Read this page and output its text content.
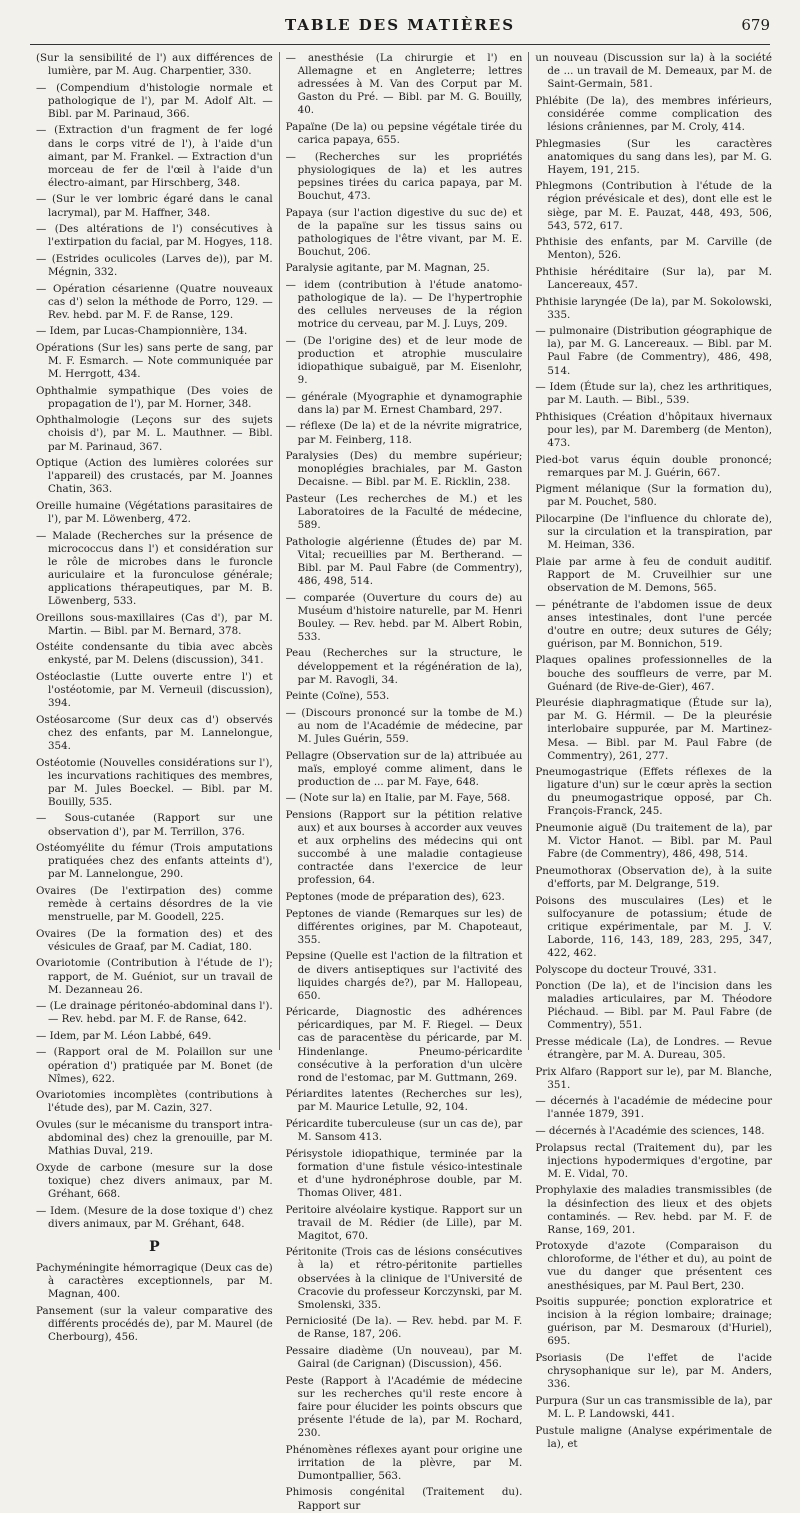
TABLE DES MATIÈRES	679

(Sur la sensibilité de l') aux différences de lumière, par M. Aug. Charpentier, 330.

— (Compendium d'histologie normale et pathologique de l'), par M. Adolf Alt. — Bibl. par M. Parinaud, 366.

— (Extraction d'un fragment de fer logé dans le corps vitré de l'), à l'aide d'un aimant, par M. Frankel. — Extraction d'un morceau de fer de l'œil à l'aide d'un électro-aimant, par Hirschberg, 348.

— (Sur le ver lombric égaré dans le canal lacrymal), par M. Haffner, 348.

— (Des altérations de l') consécutives à l'extirpation du facial, par M. Hogyes, 118.

— (Estrides oculicoles (Larves de)), par M. Mégnin, 332.

— Opération césarienne (Quatre nouveaux cas d') selon la méthode de Porro, 129. — Rev. hebd. par M. F. de Ranse, 129.

— Idem, par Lucas-Championnière, 134.

Opérations (Sur les) sans perte de sang, par M. F. Esmarch. — Note communiquée par M. Herrgott, 434.

Ophthalmie sympathique (Des voies de propagation de l'), par M. Horner, 348.

Ophthalmologie (Leçons sur des sujets choisis d'), par M. L. Mauthner. — Bibl. par M. Parinaud, 367.

Optique (Action des lumières colorées sur l'appareil) des crustacés, par M. Joannes Chatin, 363.

Oreille humaine (Végétations parasitaires de l'), par M. Löwenberg, 472.

— Malade (Recherches sur la présence de micrococcus dans l') et considération sur le rôle de microbes dans le furoncle auriculaire et la furonculose générale; applications thérapeutiques, par M. B. Löwenberg, 533.

Oreillons sous-maxillaires (Cas d'), par M. Martin. — Bibl. par M. Bernard, 378.

Ostéite condensante du tibia avec abcès enkysté, par M. Delens (discussion), 341.

Ostéoclastie (Lutte ouverte entre l') et l'ostéotomie, par M. Verneuil (discussion), 394.

Ostéosarcome (Sur deux cas d') observés chez des enfants, par M. Lannelongue, 354.

Ostéotomie (Nouvelles considérations sur l'), les incurvations rachitiques des membres, par M. Jules Boeckel. — Bibl. par M. Bouilly, 535.

— Sous-cutanée (Rapport sur une observation d'), par M. Terrillon, 376.

Ostéomyélite du fémur (Trois amputations pratiquées chez des enfants atteints d'), par M. Lannelongue, 290.

Ovaires (De l'extirpation des) comme remède à certains désordres de la vie menstruelle, par M. Goodell, 225.

Ovaires (De la formation des) et des vésicules de Graaf, par M. Cadiat, 180.

Ovariotomie (Contribution à l'étude de l'); rapport, de M. Guéniot, sur un travail de M. Dezanneau 26.

— (Le drainage péritonéo-abdominal dans l'). — Rev. hebd. par M. F. de Ranse, 642.

— Idem, par M. Léon Labbé, 649.

— (Rapport oral de M. Polaillon sur une opération d') pratiquée par M. Bonet (de Nîmes), 622.

Ovariotomies incomplètes (contributions à l'étude des), par M. Cazin, 327.

Ovules (sur le mécanisme du transport intra-abdominal des) chez la grenouille, par M. Mathias Duval, 219.

Oxyde de carbone (mesure sur la dose toxique) chez divers animaux, par M. Gréhant, 668.

— Idem. (Mesure de la dose toxique d') chez divers animaux, par M. Gréhant, 648.

P

Pachyméningite hémorragique (Deux cas de) à caractères exceptionnels, par M. Magnan, 400.

Pansement (sur la valeur comparative des différents procédés de), par M. Maurel (de Cherbourg), 456.

— anesthésie (La chirurgie et l') en Allemagne et en Angleterre; lettres adressées à M. Van des Corput par M. Gaston du Pré. — Bibl. par M. G. Bouilly, 40.

Papaïne (De la) ou pepsine végétale tirée du carica papaya, 655.

— (Recherches sur les propriétés physiologiques de la) et les autres pepsines tirées du carica papaya, par M. Bouchut, 473.

Papaya (sur l'action digestive du suc de) et de la papaïne sur les tissus sains ou pathologiques de l'être vivant, par M. E. Bouchut, 206.

Paralysie agitante, par M. Magnan, 25.

— idem (contribution à l'étude anatomo-pathologique de la). — De l'hypertrophie des cellules nerveuses de la région motrice du cerveau, par M. J. Luys, 209.

— (De l'origine des) et de leur mode de production et atrophie musculaire idiopathique subaiguë, par M. Eisenlohr, 9.

— générale (Myographie et dynamographie dans la) par M. Ernest Chambard, 297.

— réflexe (De la) et de la névrite migratrice, par M. Feinberg, 118.

Paralysies (Des) du membre supérieur; monoplégies brachiales, par M. Gaston Decaisne. — Bibl. par M. E. Ricklin, 238.

Pasteur (Les recherches de M.) et les Laboratoires de la Faculté de médecine, 589.

Pathologie algérienne (Études de) par M. Vital; recueillies par M. Bertherand. — Bibl. par M. Paul Fabre (de Commentry), 486, 498, 514.

— comparée (Ouverture du cours de) au Muséum d'histoire naturelle, par M. Henri Bouley. — Rev. hebd. par M. Albert Robin, 533.

Peau (Recherches sur la structure, le développement et la régénération de la), par M. Ravogli, 34.

Peinte (Coïne), 553.

— (Discours prononcé sur la tombe de M.) au nom de l'Académie de médecine, par M. Jules Guérin, 559.

Pellagre (Observation sur de la) attribuée au maïs, employé comme aliment, dans le production de ... par M. Faye, 648.

— (Note sur la) en Italie, par M. Faye, 568.

Pensions (Rapport sur la pétition relative aux) et aux bourses à accorder aux veuves et aux orphelins des médecins qui ont succombé à une maladie contagieuse contractée dans l'exercice de leur profession, 64.

Peptones (mode de préparation des), 623.

Peptones de viande (Remarques sur les) de différentes origines, par M. Chapoteaut, 355.

Pepsine (Quelle est l'action de la filtration et de divers antiseptiques sur l'activité des liquides chargés de?), par M. Hallopeau, 650.

Péricarde, Diagnostic des adhérences péricardiques, par M. F. Riegel. — Deux cas de paracentèse du péricarde, par M. Hindenlange. Pneumo-péricardite consécutive à la perforation d'un ulcère rond de l'estomac, par M. Guttmann, 269.

Périardites latentes (Recherches sur les), par M. Maurice Letulle, 92, 104.

Péricardite tuberculeuse (sur un cas de), par M. Sansom 413.

Périsystole idiopathique, terminée par la formation d'une fistule vésico-intestinale et d'une hydronéphrose double, par M. Thomas Oliver, 481.

Peritoire alvéolaire kystique. Rapport sur un travail de M. Rédier (de Lille), par M. Magitot, 670.

Péritonite (Trois cas de lésions consécutives à la) et rétro-péritonite partielles observées à la clinique de l'Université de Cracovie du professeur Korczynski, par M. Smolenski, 335.

Perniciosité (De la). — Rev. hebd. par M. F. de Ranse, 187, 206.

Pessaire diadème (Un nouveau), par M. Gairal (de Carignan) (Discussion), 456.

Peste (Rapport à l'Académie de médecine sur les recherches qu'il reste encore à faire pour élucider les points obscurs que présente l'étude de la), par M. Rochard, 230.

Phénomènes réflexes ayant pour origine une irritation de la plèvre, par M. Dumontpallier, 563.

Phimosis congénital (Traitement du). Rapport sur

un nouveau (Discussion sur la) à la société de ... un travail de M. Demeaux, par M. de Saint-Germain, 581.

Phlébite (De la), des membres inférieurs, considérée comme complication des lésions crâniennes, par M. Croly, 414.

Phlegmasies (Sur les caractères anatomiques du sang dans les), par M. G. Hayem, 191, 215.

Phlegmons (Contribution à l'étude de la région prévésicale et des), dont elle est le siège, par M. E. Pauzat, 448, 493, 506, 543, 572, 617.

Phthisie des enfants, par M. Carville (de Menton), 526.

Phthisie héréditaire (Sur la), par M. Lancereaux, 457.

Phthisie laryngée (De la), par M. Sokolowski, 335.

— pulmonaire (Distribution géographique de la), par M. G. Lancereaux. — Bibl. par M. Paul Fabre (de Commentry), 486, 498, 514.

— Idem (Étude sur la), chez les arthritiques, par M. Lauth. — Bibl., 539.

Phthisiques (Création d'hôpitaux hivernaux pour les), par M. Daremberg (de Menton), 473.

Pied-bot varus équin double prononcé; remarques par M. J. Guérin, 667.

Pigment mélanique (Sur la formation du), par M. Pouchet, 580.

Pilocarpine (De l'influence du chlorate de), sur la circulation et la transpiration, par M. Heiman, 336.

Plaie par arme à feu de conduit auditif. Rapport de M. Cruveilhier sur une observation de M. Demons, 565.

— pénétrante de l'abdomen issue de deux anses intestinales, dont l'une percée d'outre en outre; deux sutures de Gély; guérison, par M. Bonnichon, 519.

Plaques opalines professionnelles de la bouche des souffleurs de verre, par M. Guénard (de Rive-de-Gier), 467.

Pleurésie diaphragmatique (Étude sur la), par M. G. Hérmil. — De la pleurésie interlobaire suppurée, par M. Martinez-Mesa. — Bibl. par M. Paul Fabre (de Commentry), 261, 277.

Pneumogastrique (Effets réflexes de la ligature d'un) sur le cœur après la section du pneumogastrique opposé, par Ch. François-Franck, 245.

Pneumonie aiguë (Du traitement de la), par M. Victor Hanot. — Bibl. par M. Paul Fabre (de Commentry), 486, 498, 514.

Pneumothorax (Observation de), à la suite d'efforts, par M. Delgrange, 519.

Poisons des musculaires (Les) et le sulfocyanure de potassium; étude de critique expérimentale, par M. J. V. Laborde, 116, 143, 189, 283, 295, 347, 422, 462.

Polyscope du docteur Trouvé, 331.

Ponction (De la), et de l'incision dans les maladies articulaires, par M. Théodore Piéchaud. — Bibl. par M. Paul Fabre (de Commentry), 551.

Presse médicale (La), de Londres. — Revue étrangère, par M. A. Dureau, 305.

Prix Alfaro (Rapport sur le), par M. Blanche, 351.

— décernés à l'académie de médecine pour l'année 1879, 391.

— décernés à l'Académie des sciences, 148.

Prolapsus rectal (Traitement du), par les injections hypodermiques d'ergotine, par M. E. Vidal, 70.

Prophylaxie des maladies transmissibles (de la désinfection des lieux et des objets contaminés. — Rev. hebd. par M. F. de Ranse, 169, 201.

Protoxyde d'azote (Comparaison du chloroforme, de l'éther et du), au point de vue du danger que présentent ces anesthésiques, par M. Paul Bert, 230.

Psoitis suppurée; ponction exploratrice et incision à la région lombaire; drainage; guérison, par M. Desmaroux (d'Huriel), 695.

Psoriasis (De l'effet de l'acide chrysophanique sur le), par M. Anders, 336.

Purpura (Sur un cas transmissible de la), par M. L. P. Landowski, 441.

Pustule maligne (Analyse expérimentale de la), et
